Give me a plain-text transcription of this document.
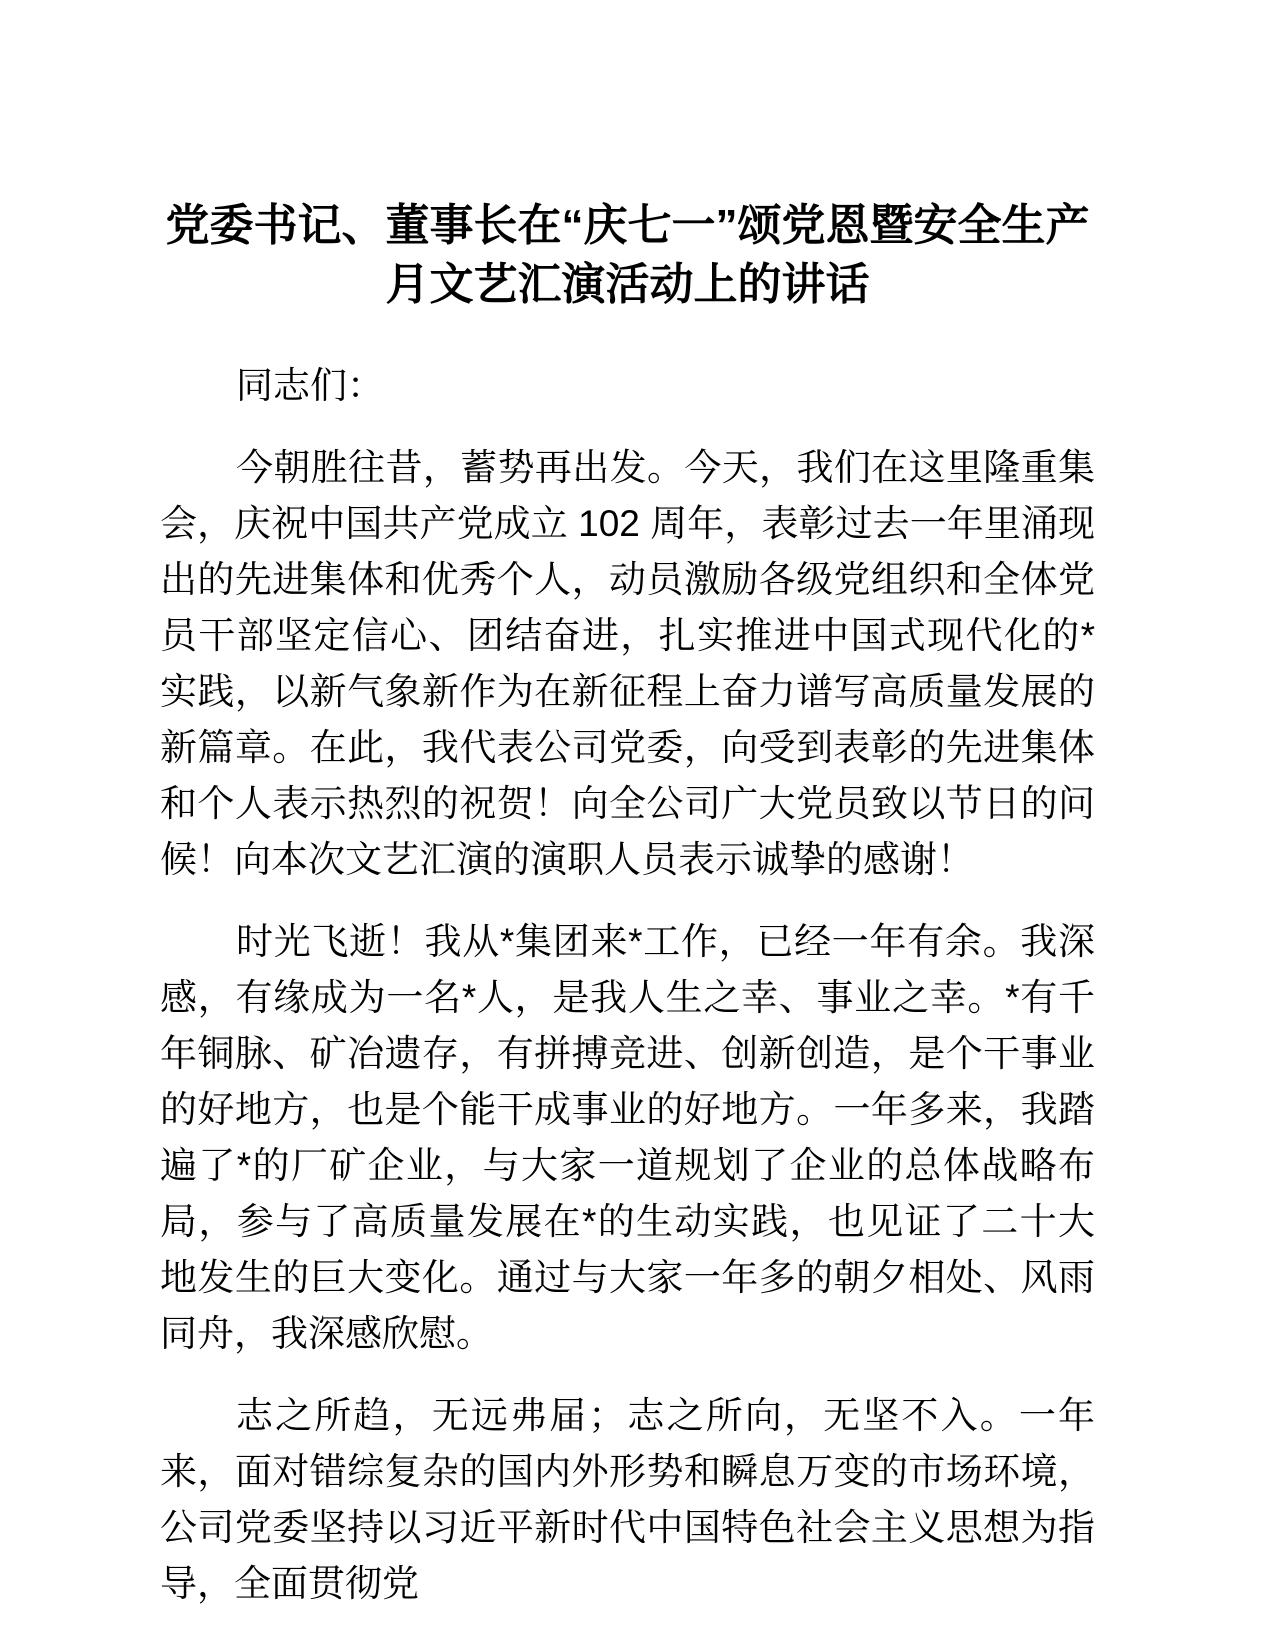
党委书记、董事长在“庆七一”颂党恩暨安全生产月文艺汇演活动上的讲话

同志们：

今朝胜往昔，蓄势再出发。今天，我们在这里隆重集会，庆祝中国共产党成立 102 周年，表彰过去一年里涌现出的先进集体和优秀个人，动员激励各级党组织和全体党员干部坚定信心、团结奋进，扎实推进中国式现代化的*实践，以新气象新作为在新征程上奋力谱写高质量发展的新篇章。在此，我代表公司党委，向受到表彰的先进集体和个人表示热烈的祝贺！向全公司广大党员致以节日的问候！向本次文艺汇演的演职人员表示诚挚的感谢！

时光飞逝！我从*集团来*工作，已经一年有余。我深感，有缘成为一名*人，是我人生之幸、事业之幸。*有千年铜脉、矿冶遗存，有拼搏竞进、创新创造，是个干事业的好地方，也是个能干成事业的好地方。一年多来，我踏遍了*的厂矿企业，与大家一道规划了企业的总体战略布局，参与了高质量发展在*的生动实践，也见证了二十大地发生的巨大变化。通过与大家一年多的朝夕相处、风雨同舟，我深感欣慰。

志之所趋，无远弗届；志之所向，无坚不入。一年来，面对错综复杂的国内外形势和瞬息万变的市场环境，公司党委坚持以习近平新时代中国特色社会主义思想为指导，全面贯彻党
